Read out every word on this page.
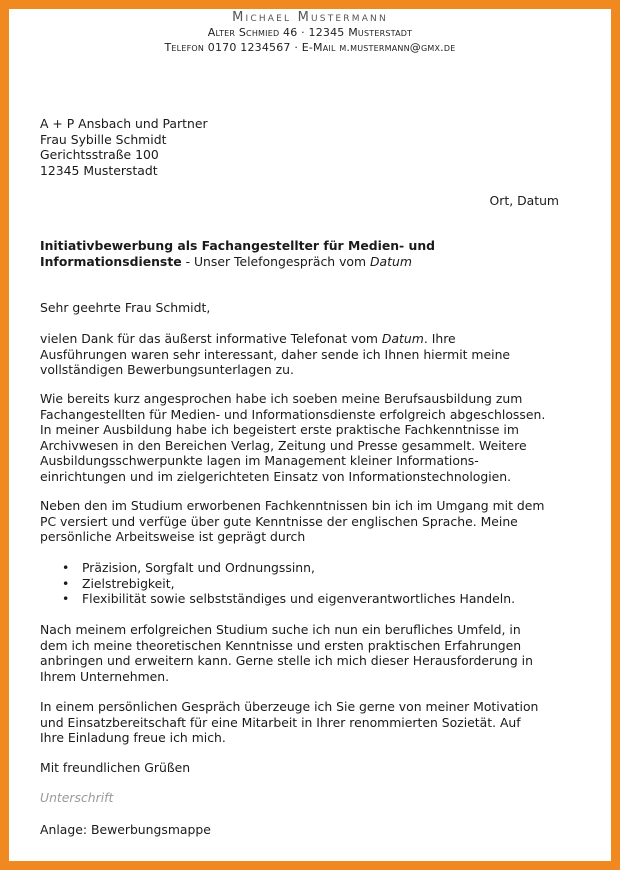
Michael Mustermann
Alter Schmied 46 · 12345 Musterstadt
Telefon 0170 1234567 · E-Mail m.mustermann@gmx.de
A + P Ansbach und Partner
Frau Sybille Schmidt
Gerichtsstraße 100
12345 Musterstadt
Ort, Datum
Initiativbewerbung als Fachangestellter für Medien- und
Informationsdienste - Unser Telefongespräch vom Datum
Sehr geehrte Frau Schmidt,
vielen Dank für das äußerst informative Telefonat vom Datum. Ihre
Ausführungen waren sehr interessant, daher sende ich Ihnen hiermit meine
vollständigen Bewerbungsunterlagen zu.
Wie bereits kurz angesprochen habe ich soeben meine Berufsausbildung zum
Fachangestellten für Medien- und Informationsdienste erfolgreich abgeschlossen.
In meiner Ausbildung habe ich begeistert erste praktische Fachkenntnisse im
Archivwesen in den Bereichen Verlag, Zeitung und Presse gesammelt. Weitere
Ausbildungsschwerpunkte lagen im Management kleiner Informations-
einrichtungen und im zielgerichteten Einsatz von Informationstechnologien.
Neben den im Studium erworbenen Fachkenntnissen bin ich im Umgang mit dem
PC versiert und verfüge über gute Kenntnisse der englischen Sprache. Meine
persönliche Arbeitsweise ist geprägt durch
• Präzision, Sorgfalt und Ordnungssinn,
• Zielstrebigkeit,
• Flexibilität sowie selbstständiges und eigenverantwortliches Handeln.
Nach meinem erfolgreichen Studium suche ich nun ein berufliches Umfeld, in
dem ich meine theoretischen Kenntnisse und ersten praktischen Erfahrungen
anbringen und erweitern kann. Gerne stelle ich mich dieser Herausforderung in
Ihrem Unternehmen.
In einem persönlichen Gespräch überzeuge ich Sie gerne von meiner Motivation
und Einsatzbereitschaft für eine Mitarbeit in Ihrer renommierten Sozietät. Auf
Ihre Einladung freue ich mich.
Mit freundlichen Grüßen
Unterschrift
Anlage: Bewerbungsmappe
